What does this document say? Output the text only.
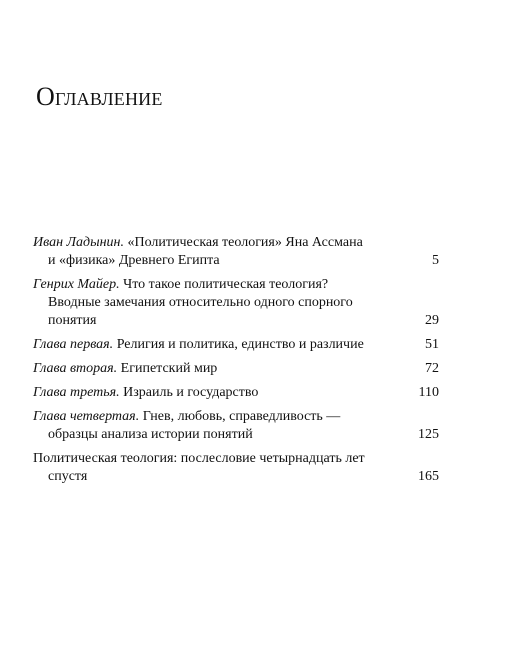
Оглавление
Иван Ладынин. «Политическая теология» Яна Ассмана
и «физика» Древнего Египта	5
Генрих Майер. Что такое политическая теология?
Вводные замечания относительно одного спорного
понятия	29
Глава первая. Религия и политика, единство и различие	51
Глава вторая. Египетский мир	72
Глава третья. Израиль и государство	110
Глава четвертая. Гнев, любовь, справедливость —
образцы анализа истории понятий	125
Политическая теология: послесловие четырнадцать лет
спустя	165
